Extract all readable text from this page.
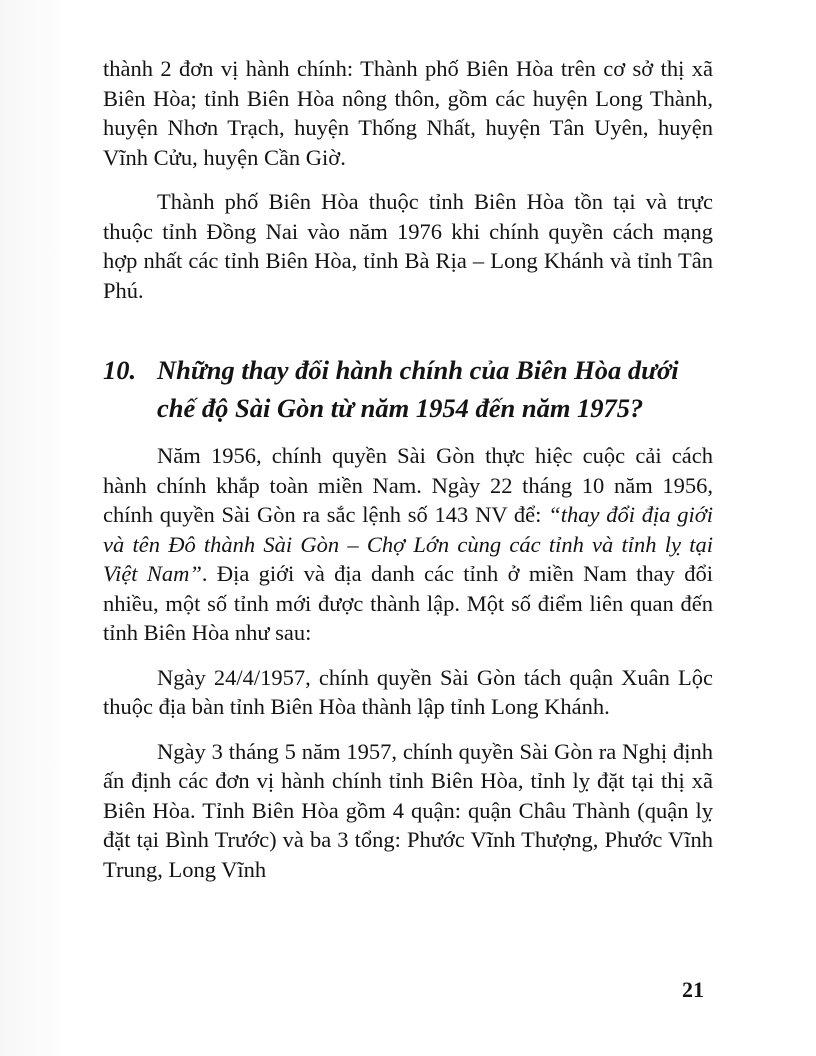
thành 2 đơn vị hành chính: Thành phố Biên Hòa trên cơ sở thị xã Biên Hòa; tỉnh Biên Hòa nông thôn, gồm các huyện Long Thành, huyện Nhơn Trạch, huyện Thống Nhất, huyện Tân Uyên, huyện Vĩnh Cửu, huyện Cần Giờ.

Thành phố Biên Hòa thuộc tỉnh Biên Hòa tồn tại và trực thuộc tỉnh Đồng Nai vào năm 1976 khi chính quyền cách mạng hợp nhất các tỉnh Biên Hòa, tỉnh Bà Rịa – Long Khánh và tỉnh Tân Phú.

10. Những thay đổi hành chính của Biên Hòa dưới chế độ Sài Gòn từ năm 1954 đến năm 1975?

Năm 1956, chính quyền Sài Gòn thực hiệc cuộc cải cách hành chính khắp toàn miền Nam. Ngày 22 tháng 10 năm 1956, chính quyền Sài Gòn ra sắc lệnh số 143 NV để: “thay đổi địa giới và tên Đô thành Sài Gòn – Chợ Lớn cùng các tỉnh và tỉnh lỵ tại Việt Nam”. Địa giới và địa danh các tỉnh ở miền Nam thay đổi nhiều, một số tỉnh mới được thành lập. Một số điểm liên quan đến tỉnh Biên Hòa như sau:

Ngày 24/4/1957, chính quyền Sài Gòn tách quận Xuân Lộc thuộc địa bàn tỉnh Biên Hòa thành lập tỉnh Long Khánh.

Ngày 3 tháng 5 năm 1957, chính quyền Sài Gòn ra Nghị định ấn định các đơn vị hành chính tỉnh Biên Hòa, tỉnh lỵ đặt tại thị xã Biên Hòa. Tỉnh Biên Hòa gồm 4 quận: quận Châu Thành (quận lỵ đặt tại Bình Trước) và ba 3 tổng: Phước Vĩnh Thượng, Phước Vĩnh Trung, Long Vĩnh

21
